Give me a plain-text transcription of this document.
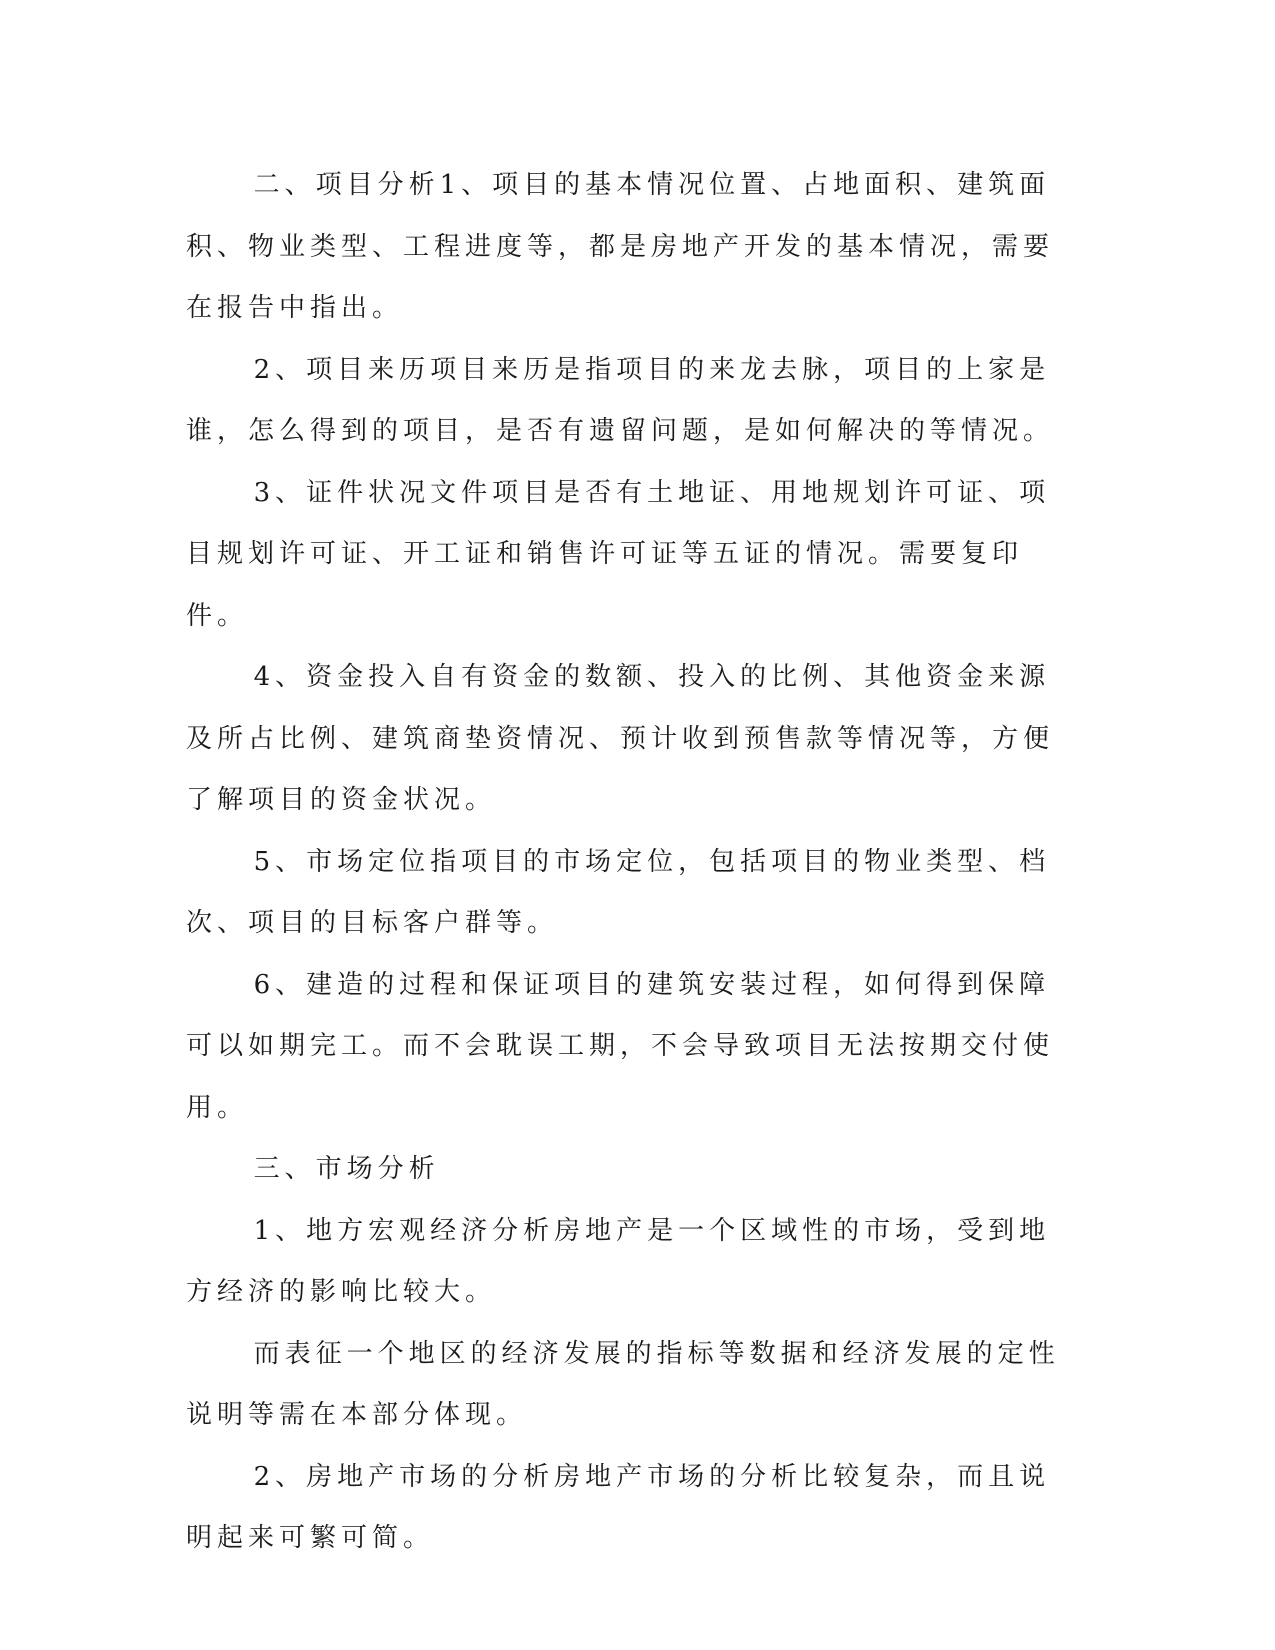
二、项目分析1、项目的基本情况位置、占地面积、建筑面积、物业类型、工程进度等，都是房地产开发的基本情况，需要在报告中指出。

2、项目来历项目来历是指项目的来龙去脉，项目的上家是谁，怎么得到的项目，是否有遗留问题，是如何解决的等情况。

3、证件状况文件项目是否有土地证、用地规划许可证、项目规划许可证、开工证和销售许可证等五证的情况。需要复印件。

4、资金投入自有资金的数额、投入的比例、其他资金来源及所占比例、建筑商垫资情况、预计收到预售款等情况等，方便了解项目的资金状况。

5、市场定位指项目的市场定位，包括项目的物业类型、档次、项目的目标客户群等。

6、建造的过程和保证项目的建筑安装过程，如何得到保障可以如期完工。而不会耽误工期，不会导致项目无法按期交付使用。

三、市场分析

1、地方宏观经济分析房地产是一个区域性的市场，受到地方经济的影响比较大。

而表征一个地区的经济发展的指标等数据和经济发展的定性说明等需在本部分体现。

2、房地产市场的分析房地产市场的分析比较复杂，而且说明起来可繁可简。
